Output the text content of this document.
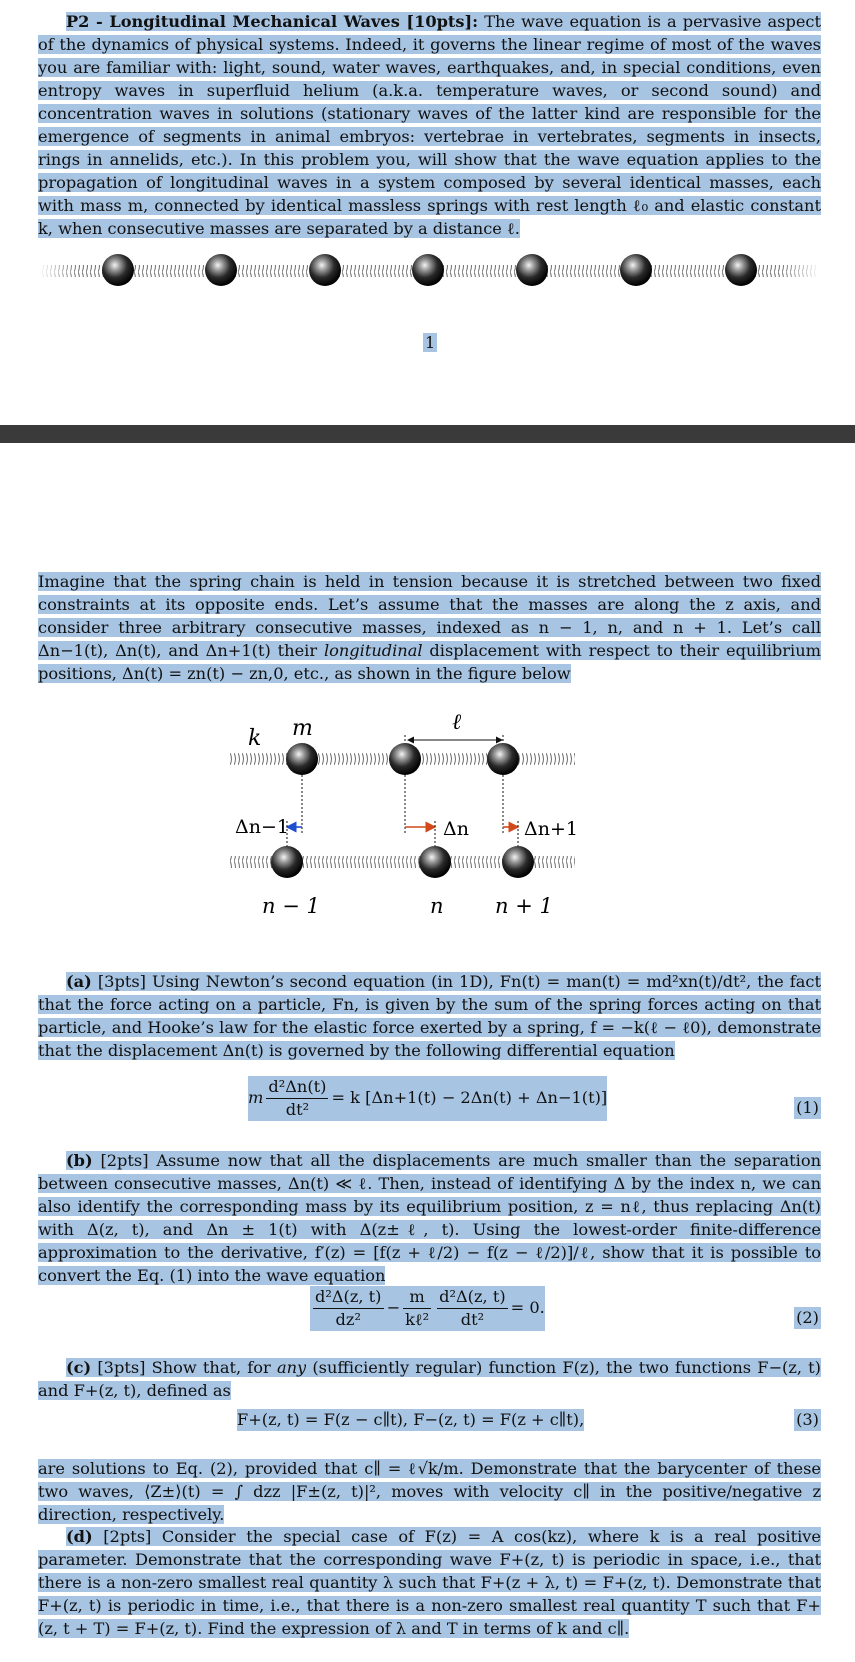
P2 - Longitudinal Mechanical Waves [10pts]: The wave equation is a pervasive aspect of the dynamics of physical systems. Indeed, it governs the linear regime of most of the waves you are familiar with: light, sound, water waves, earthquakes, and, in special conditions, even entropy waves in superfluid helium (a.k.a. temperature waves, or second sound) and concentration waves in solutions (stationary waves of the latter kind are responsible for the emergence of segments in animal embryos: vertebrae in vertebrates, segments in insects, rings in annelids, etc.). In this problem you, will show that the wave equation applies to the propagation of longitudinal waves in a system composed by several identical masses, each with mass m, connected by identical massless springs with rest length ℓ₀ and elastic constant k, when consecutive masses are separated by a distance ℓ.

1

Imagine that the spring chain is held in tension because it is stretched between two fixed constraints at its opposite ends. Let’s assume that the masses are along the z axis, and consider three arbitrary consecutive masses, indexed as n − 1, n, and n + 1. Let’s call Δn−1(t), Δn(t), and Δn+1(t) their longitudinal displacement with respect to their equilibrium positions, Δn(t) = zn(t) − zn,0, etc., as shown in the figure below

k m	ℓ
Δn−1	Δn	Δn+1
n − 1	n n + 1

(a) [3pts] Using Newton’s second equation (in 1D), Fn(t) = man(t) = md²xn(t)/dt², the fact that the force acting on a particle, Fn, is given by the sum of the spring forces acting on that particle, and Hooke’s law for the elastic force exerted by a spring, f = −k(ℓ − ℓ0), demonstrate that the displacement Δn(t) is governed by the following differential equation

m $\frac{\text{d²Δn(t)}}{\text{dt²}} = k$ [Δn+1(t) − 2Δn(t) + Δn−1(t)]
(1)

(b) [2pts] Assume now that all the displacements are much smaller than the separation between consecutive masses, Δn(t) ≪ ℓ. Then, instead of identifying Δ by the index n, we can also identify the corresponding mass by its equilibrium position, z = nℓ, thus replacing Δn(t) with Δ(z, t), and Δn ± 1(t) with Δ(z±ℓ, t). Using the lowest-order finite-difference approximation to the derivative, f′(z) = [f(z + ℓ/2) − f(z − ℓ/2)]/ℓ, show that it is possible to convert the Eq. (1) into the wave equation

$\frac{\text{d²Δ(z, t)}}{\text{dz²}} - \frac{m}{\text{kℓ²}} \frac{\text{d²Δ(z, t)}}{\text{dt²}} = 0$.
(2)

(c) [3pts] Show that, for any (sufficiently regular) function F(z), the two functions F−(z, t) and F+(z, t), defined as

F+(z, t) = F(z − c∥t), F−(z, t) = F(z + c∥t),	(3)

are solutions to Eq. (2), provided that c∥ = ℓ√k/m. Demonstrate that the barycenter of these two waves, ⟨Z±⟩(t) = ∫ dzz |F±(z, t)|², moves with velocity c∥ in the positive/negative z direction, respectively.

(d) [2pts] Consider the special case of F(z) = A cos(kz), where k is a real positive parameter. Demonstrate that the corresponding wave F+(z, t) is periodic in space, i.e., that there is a non-zero smallest real quantity λ such that F+(z + λ, t) = F+(z, t). Demonstrate that F+(z, t) is periodic in time, i.e., that there is a non-zero smallest real quantity T such that F+(z, t + T) = F+(z, t). Find the expression of λ and T in terms of k and c∥.
